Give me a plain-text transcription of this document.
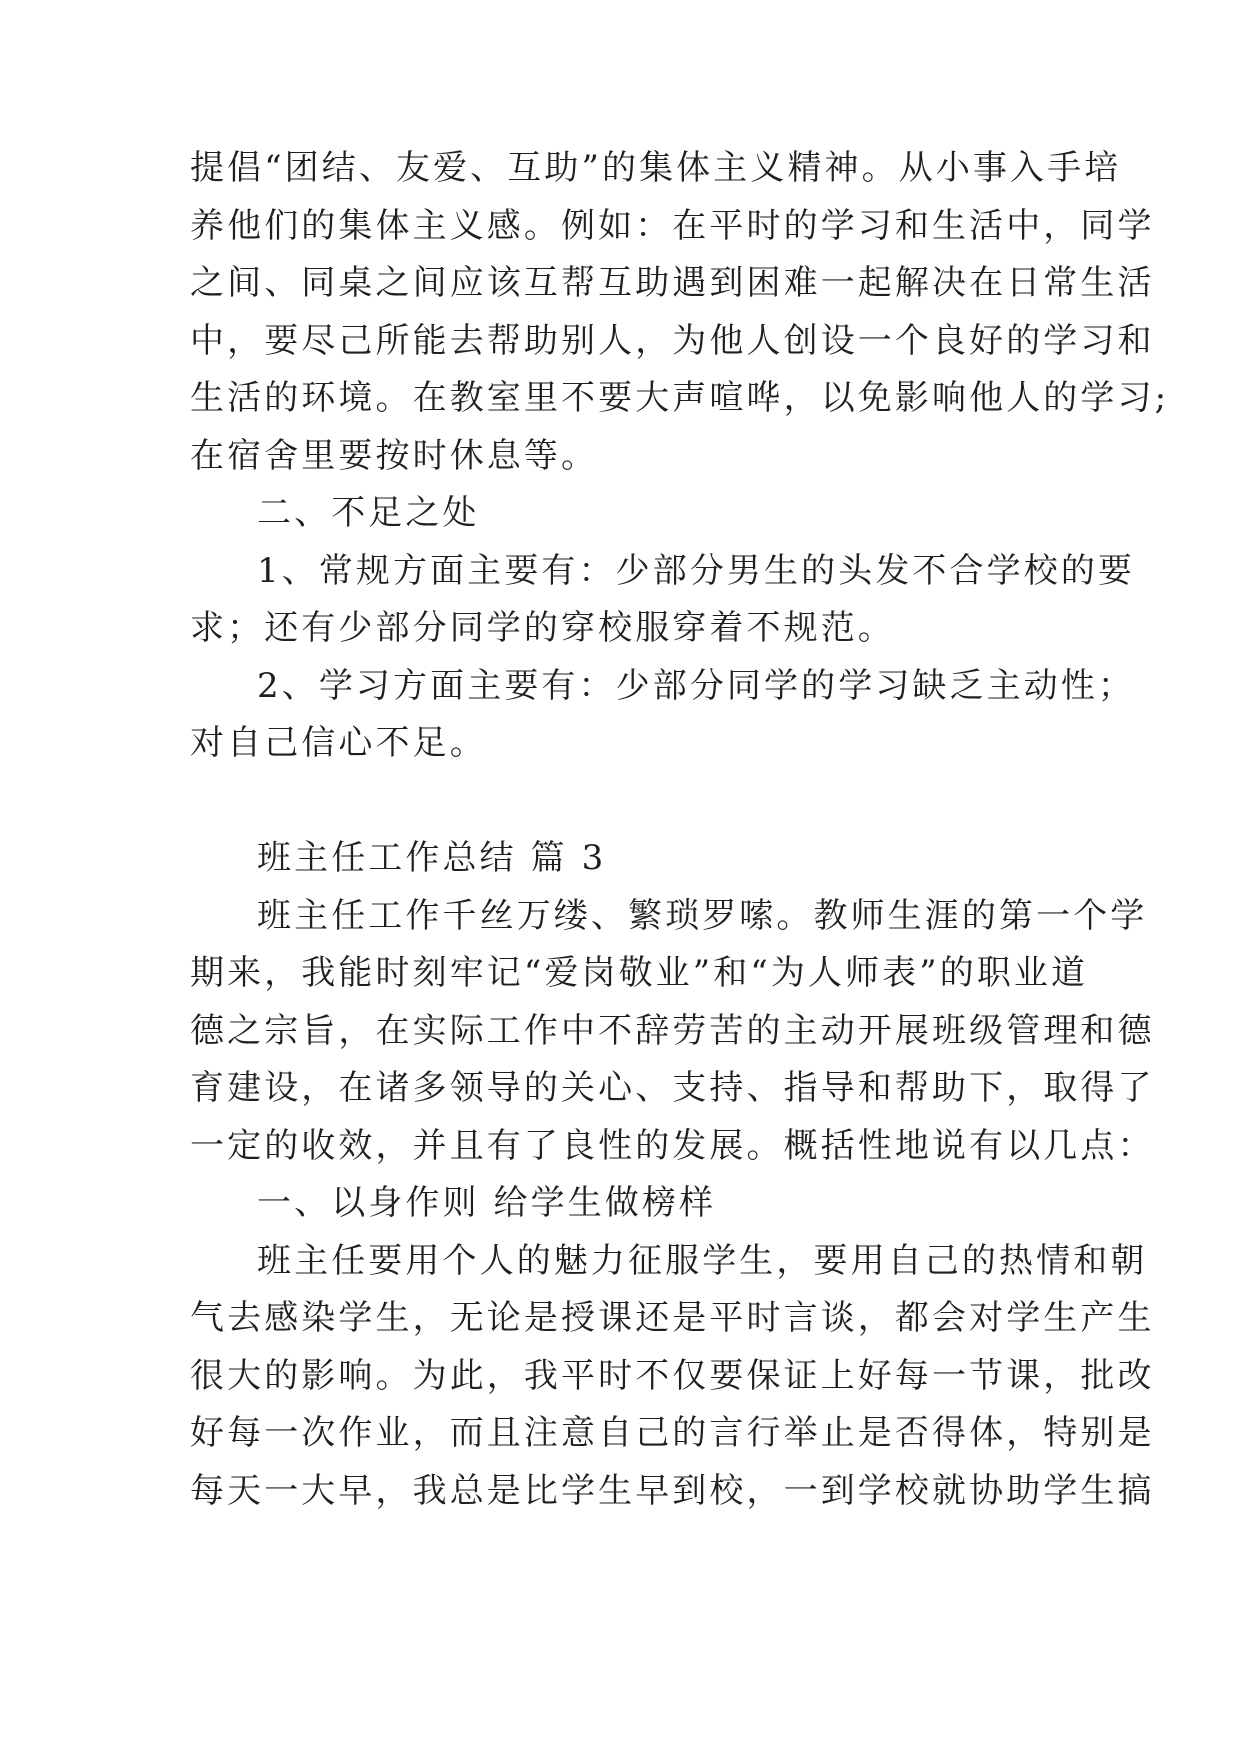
提倡“团结、友爱、互助”的集体主义精神。从小事入手培
养他们的集体主义感。例如：在平时的学习和生活中，同学
之间、同桌之间应该互帮互助遇到困难一起解决在日常生活
中，要尽己所能去帮助别人，为他人创设一个良好的学习和
生活的环境。在教室里不要大声喧哗，以免影响他人的学习;
在宿舍里要按时休息等。
二、不足之处
1、常规方面主要有：少部分男生的头发不合学校的要
求；还有少部分同学的穿校服穿着不规范。
2、学习方面主要有：少部分同学的学习缺乏主动性；
对自己信心不足。
班主任工作总结 篇 3
班主任工作千丝万缕、繁琐罗嗦。教师生涯的第一个学
期来，我能时刻牢记“爱岗敬业”和“为人师表”的职业道
德之宗旨，在实际工作中不辞劳苦的主动开展班级管理和德
育建设，在诸多领导的关心、支持、指导和帮助下，取得了
一定的收效，并且有了良性的发展。概括性地说有以几点：
一、以身作则 给学生做榜样
班主任要用个人的魅力征服学生，要用自己的热情和朝
气去感染学生，无论是授课还是平时言谈，都会对学生产生
很大的影响。为此，我平时不仅要保证上好每一节课，批改
好每一次作业，而且注意自己的言行举止是否得体，特别是
每天一大早，我总是比学生早到校，一到学校就协助学生搞
